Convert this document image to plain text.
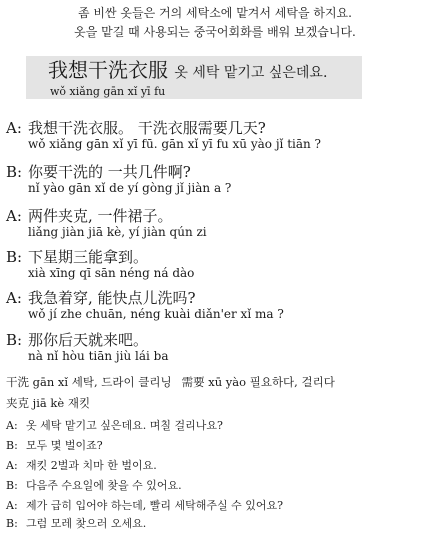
좀 비싼 옷들은 거의 세탁소에 맡겨서 세탁을 하지요.
옷을 맡길 때 사용되는 중국어회화를 배워 보겠습니다.
我想干洗衣服 옷 세탁 맡기고 싶은데요.
wǒ xiǎng gān xǐ yī fu
A: 我想干洗衣服。 干洗衣服需要几天?
wǒ xiǎng gān xǐ yī fū. gān xǐ yī fu xū yào jǐ tiān ?
B: 你要干洗的 一共几件啊?
nǐ yào gān xǐ de yí gòng jǐ jiàn a ?
A: 两件夹克, 一件裙子。
liǎng jiàn jiā kè, yí jiàn qún zi
B: 下星期三能拿到。
xià xīng qī sān néng ná dào
A: 我急着穿, 能快点儿洗吗?
wǒ jí zhe chuān, néng kuài diǎn'er xǐ ma ?
B: 那你后天就来吧。
nà nǐ hòu tiān jiù lái ba
干洗 gān xǐ 세탁, 드라이 클리닝 需要 xū yào 필요하다, 걸리다
夹克 jiā kè 재킷
A: 옷 세탁 맡기고 싶은데요. 며칠 걸리나요?
B: 모두 몇 벌이죠?
A: 재킷 2벌과 치마 한 벌이요.
B: 다음주 수요일에 찾을 수 있어요.
A: 제가 급히 입어야 하는데, 빨리 세탁해주실 수 있어요?
B: 그럼 모레 찾으러 오세요.
